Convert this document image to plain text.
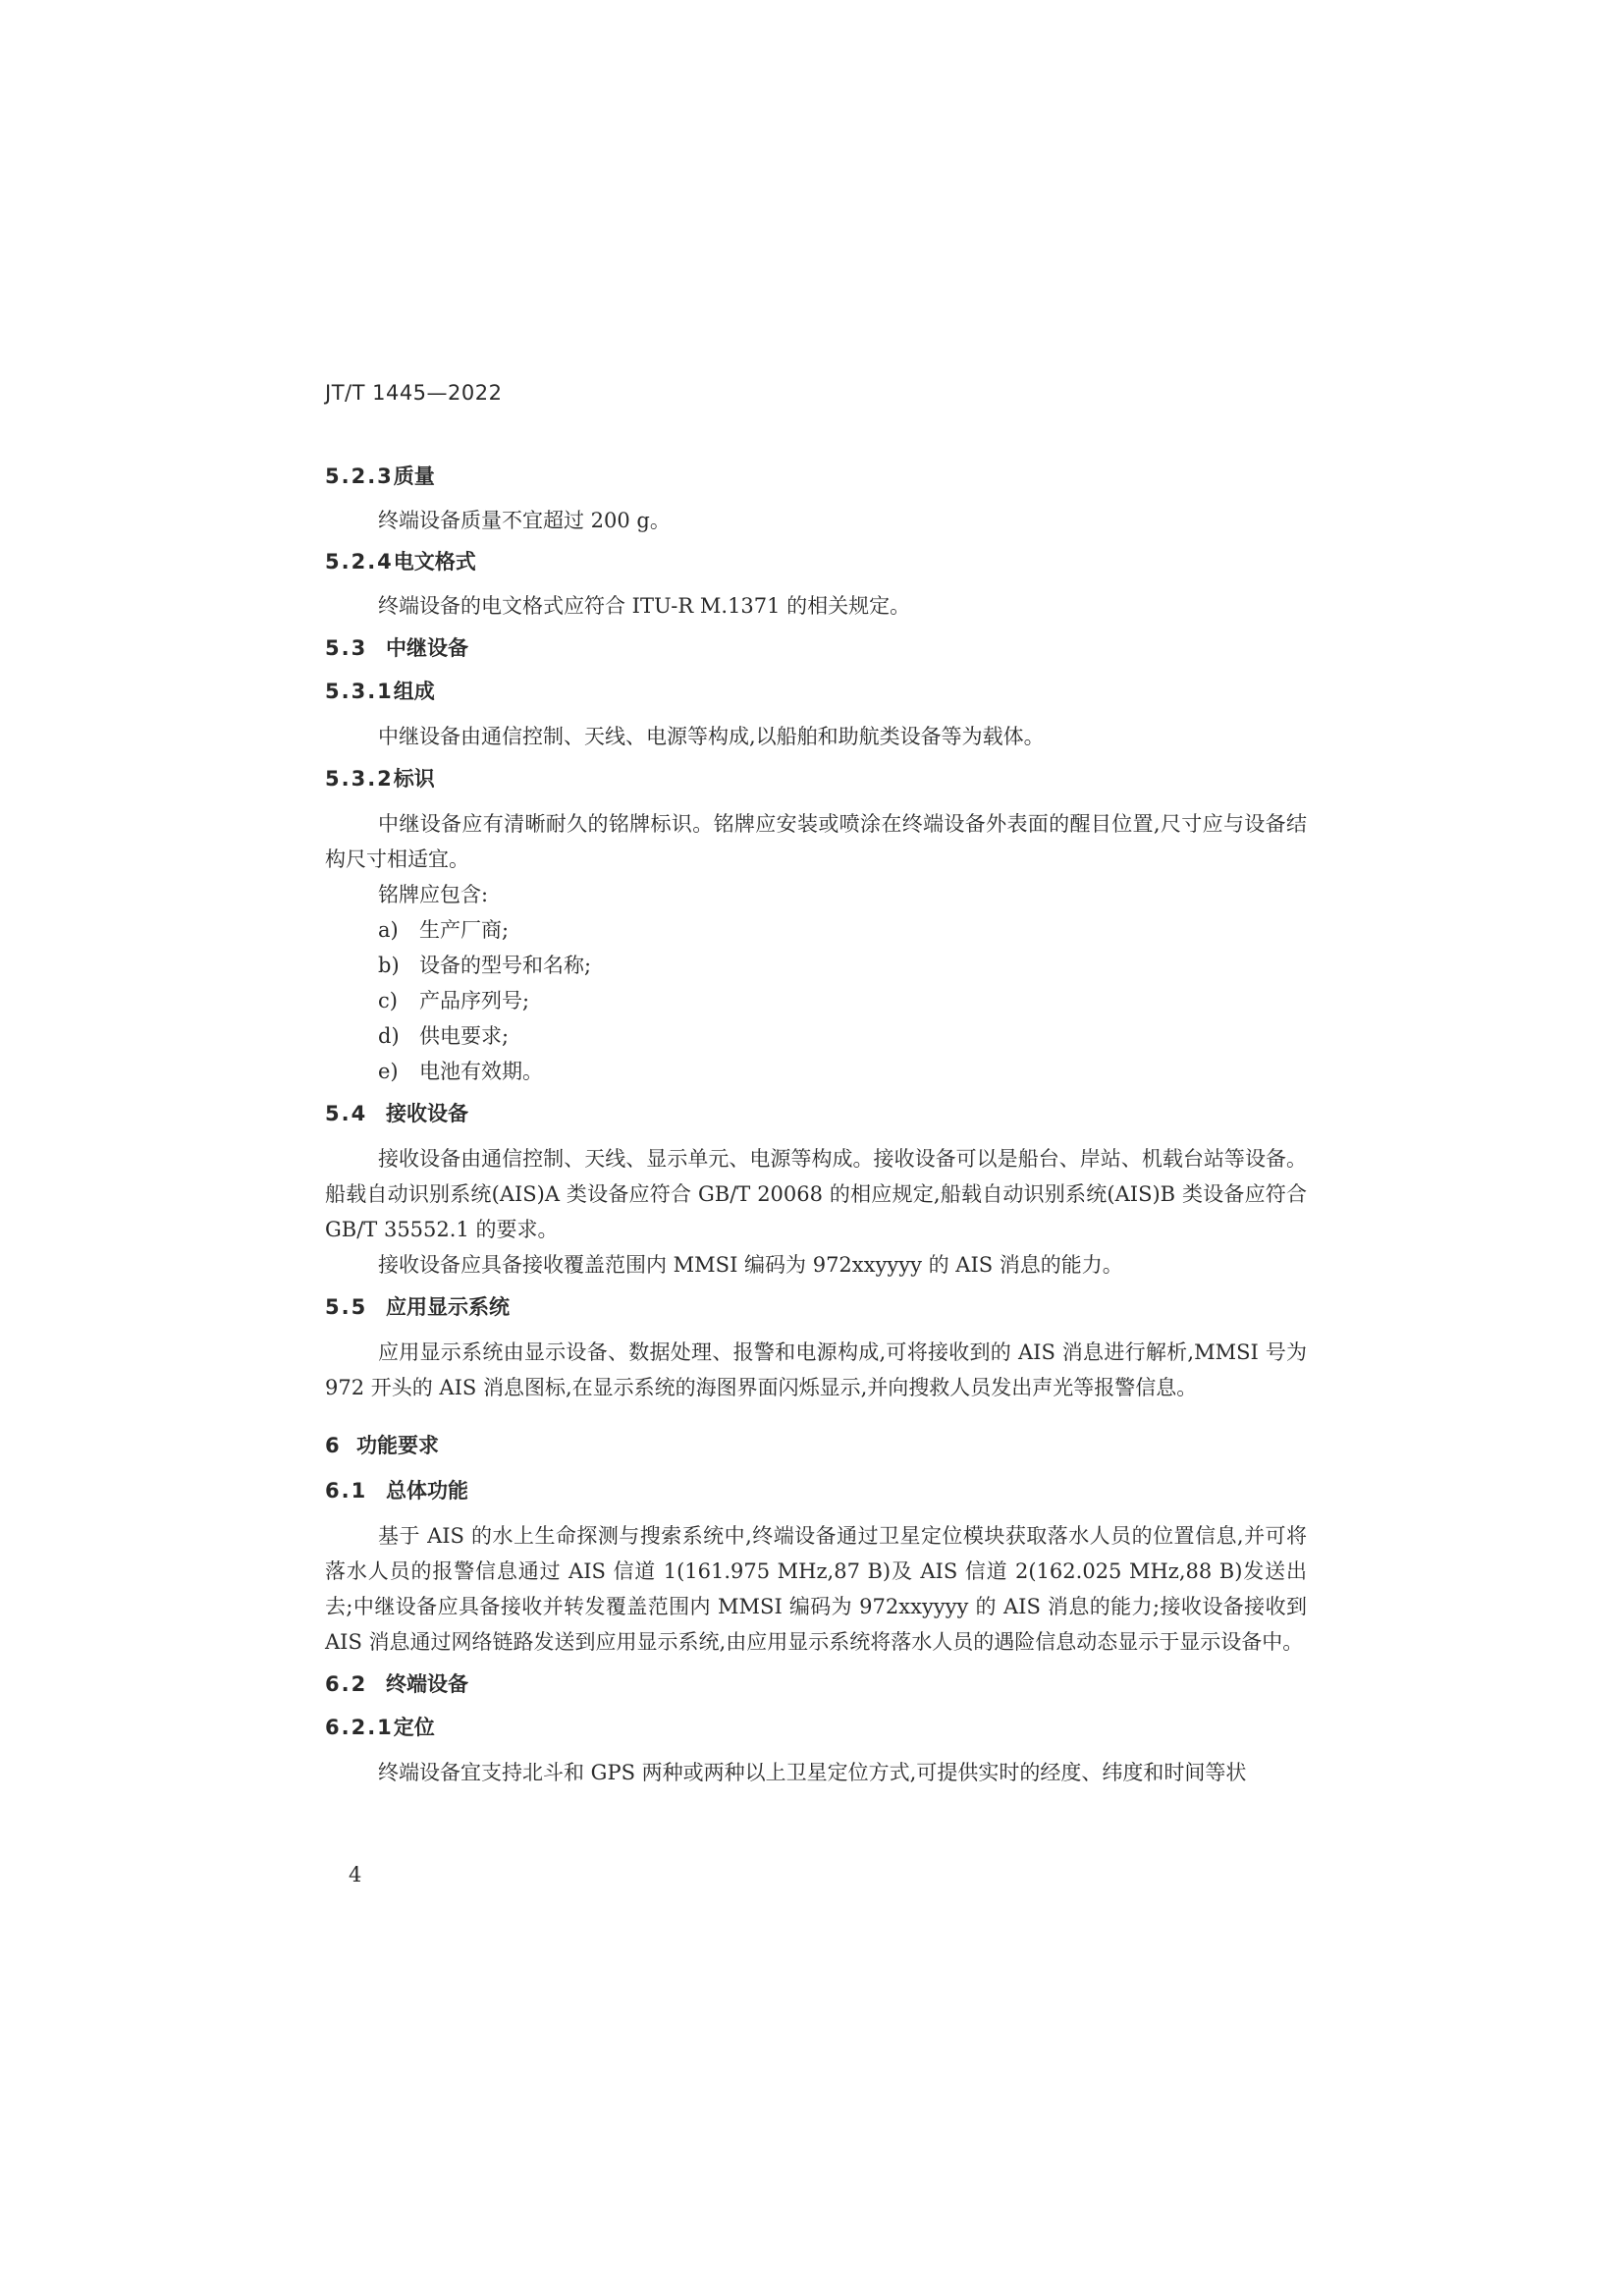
JT/T 1445—2022
5.2.3质量

终端设备质量不宜超过 200 g。

5.2.4电文格式

终端设备的电文格式应符合 ITU-R M.1371 的相关规定。

5.3 中继设备
5.3.1组成

中继设备由通信控制、天线、电源等构成,以船舶和助航类设备等为载体。

5.3.2标识

中继设备应有清晰耐久的铭牌标识。铭牌应安装或喷涂在终端设备外表面的醒目位置,尺寸应与设备结构尺寸相适宜。

铭牌应包含:

a) 生产厂商;
b) 设备的型号和名称;
c) 产品序列号;
d) 供电要求;
e) 电池有效期。
5.4 接收设备

接收设备由通信控制、天线、显示单元、电源等构成。接收设备可以是船台、岸站、机载台站等设备。船载自动识别系统(AIS)A 类设备应符合 GB/T 20068 的相应规定,船载自动识别系统(AIS)B 类设备应符合 GB/T 35552.1 的要求。

接收设备应具备接收覆盖范围内 MMSI 编码为 972xxyyyy 的 AIS 消息的能力。

5.5 应用显示系统

应用显示系统由显示设备、数据处理、报警和电源构成,可将接收到的 AIS 消息进行解析,MMSI 号为 972 开头的 AIS 消息图标,在显示系统的海图界面闪烁显示,并向搜救人员发出声光等报警信息。

6 功能要求
6.1 总体功能

基于 AIS 的水上生命探测与搜索系统中,终端设备通过卫星定位模块获取落水人员的位置信息,并可将落水人员的报警信息通过 AIS 信道 1(161.975 MHz,87 B)及 AIS 信道 2(162.025 MHz,88 B)发送出去;中继设备应具备接收并转发覆盖范围内 MMSI 编码为 972xxyyyy 的 AIS 消息的能力;接收设备接收到 AIS 消息通过网络链路发送到应用显示系统,由应用显示系统将落水人员的遇险信息动态显示于显示设备中。

6.2 终端设备
6.2.1定位

终端设备宜支持北斗和 GPS 两种或两种以上卫星定位方式,可提供实时的经度、纬度和时间等状

4
